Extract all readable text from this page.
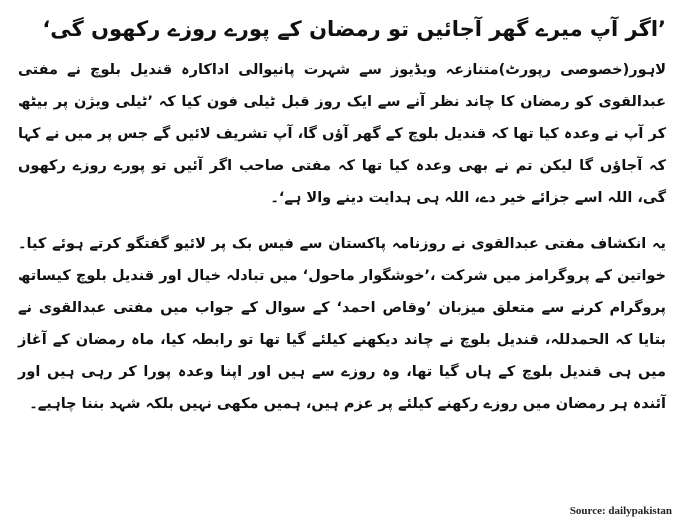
’اگر آپ میرے گھر آجائیں تو رمضان کے پورے روزے رکھوں گی‘

لاہور(خصوصی رپورٹ)متنازعہ ویڈیوز سے شہرت پانیوالی اداکارہ قندیل بلوچ نے مفتی عبدالقوی کو رمضان کا چاند نظر آنے سے ایک روز قبل ٹیلی فون کیا کہ ’ٹیلی ویژن پر بیٹھ کر آپ نے وعدہ کیا تھا کہ قندیل بلوچ کے گھر آؤں گا، آپ تشریف لائیں گے جس پر میں نے کہا کہ آجاؤں گا لیکن تم نے بھی وعدہ کیا تھا کہ مفتی صاحب اگر آئیں تو پورے روزے رکھوں گی، اللہ اسے جزائے خیر دے، اللہ ہی ہدایت دینے والا ہے‘۔

یہ انکشاف مفتی عبدالقوی نے روزنامہ پاکستان سے فیس بک پر لائیو گفتگو کرتے ہوئے کیا۔خواتین کے پروگرامز میں شرکت ،’خوشگوار ماحول‘ میں تبادلہ خیال اور قندیل بلوچ کیساتھ پروگرام کرنے سے متعلق میزبان ’وقاص احمد‘ کے سوال کے جواب میں مفتی عبدالقوی نے بتایا کہ الحمدللہ، قندیل بلوچ نے چاند دیکھنے کیلئے گیا تھا تو رابطہ کیا، ماہ رمضان کے آغاز میں ہی قندیل بلوچ کے ہاں گیا تھا، وہ روزے سے ہیں اور اپنا وعدہ پورا کر رہی ہیں اور آئندہ ہر رمضان میں روزے رکھنے کیلئے پر عزم ہیں، ہمیں مکھی نہیں بلکہ شہد بننا چاہیے۔

Source: dailypakistan
